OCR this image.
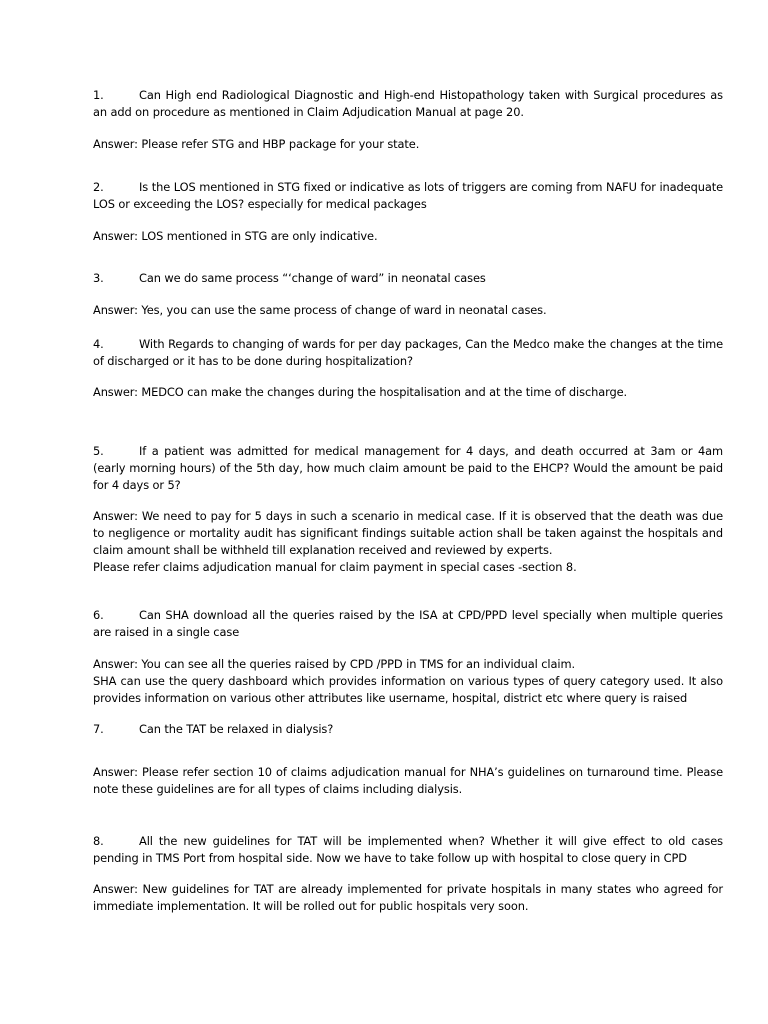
1.	Can High end Radiological Diagnostic and High-end Histopathology taken with Surgical procedures as an add on procedure as mentioned in Claim Adjudication Manual at page 20.

Answer: Please refer STG and HBP package for your state.

2.	Is the LOS mentioned in STG fixed or indicative as lots of triggers are coming from NAFU for inadequate LOS or exceeding the LOS? especially for medical packages

Answer: LOS mentioned in STG are only indicative.

3.	Can we do same process “‘change of ward” in neonatal cases

Answer: Yes, you can use the same process of change of ward in neonatal cases.

4.	With Regards to changing of wards for per day packages, Can the Medco make the changes at the time of discharged or it has to be done during hospitalization?

Answer: MEDCO can make the changes during the hospitalisation and at the time of discharge.

5.	If a patient was admitted for medical management for 4 days, and death occurred at 3am or 4am (early morning hours) of the 5th day, how much claim amount be paid to the EHCP? Would the amount be paid for 4 days or 5?

Answer: We need to pay for 5 days in such a scenario in medical case. If it is observed that the death was due to negligence or mortality audit has significant findings suitable action shall be taken against the hospitals and claim amount shall be withheld till explanation received and reviewed by experts.
Please refer claims adjudication manual for claim payment in special cases -section 8.

6.	Can SHA download all the queries raised by the ISA at CPD/PPD level specially when multiple queries are raised in a single case

Answer: You can see all the queries raised by CPD /PPD in TMS for an individual claim.
SHA can use the query dashboard which provides information on various types of query category used. It also provides information on various other attributes like username, hospital, district etc where query is raised

7.	Can the TAT be relaxed in dialysis?

Answer: Please refer section 10 of claims adjudication manual for NHA’s guidelines on turnaround time. Please note these guidelines are for all types of claims including dialysis.

8.	All the new guidelines for TAT will be implemented when? Whether it will give effect to old cases pending in TMS Port from hospital side. Now we have to take follow up with hospital to close query in CPD

Answer: New guidelines for TAT are already implemented for private hospitals in many states who agreed for immediate implementation. It will be rolled out for public hospitals very soon.
